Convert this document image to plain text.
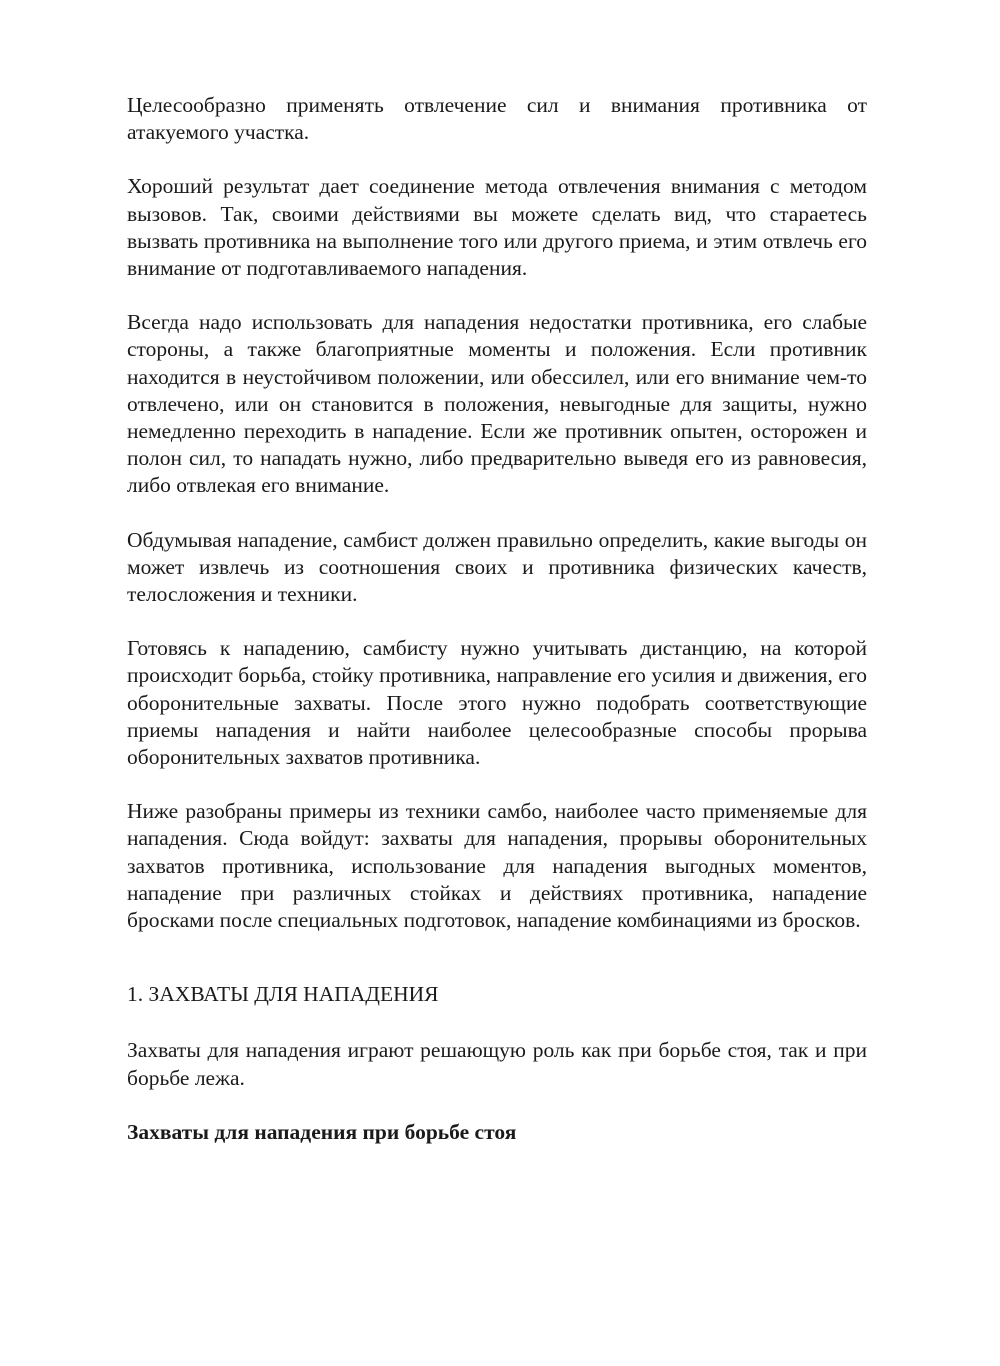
Целесообразно применять отвлечение сил и внимания противника от атакуемого участка.

Хороший результат дает соединение метода отвлечения внимания с методом вызовов. Так, своими действиями вы можете сделать вид, что стараетесь вызвать противника на выполнение того или другого приема, и этим отвлечь его внимание от подготавливаемого нападения.

Всегда надо использовать для нападения недостатки противника, его слабые стороны, а также благоприятные моменты и положения. Если противник находится в неустойчивом положении, или обессилел, или его внимание чем-то отвлечено, или он становится в положения, невыгодные для защиты, нужно немедленно переходить в нападение. Если же противник опытен, осторожен и полон сил, то нападать нужно, либо предварительно выведя его из равновесия, либо отвлекая его внимание.

Обдумывая нападение, самбист должен правильно определить, какие выгоды он может извлечь из соотношения своих и противника физических качеств, телосложения и техники.

Готовясь к нападению, самбисту нужно учитывать дистанцию, на которой происходит борьба, стойку противника, направление его усилия и движения, его оборонительные захваты. После этого нужно подобрать соответствующие приемы нападения и найти наиболее целесообразные способы прорыва оборонительных захватов противника.

Ниже разобраны примеры из техники самбо, наиболее часто применяемые для нападения. Сюда войдут: захваты для нападения, прорывы оборонительных захватов противника, использование для нападения выгодных моментов, нападение при различных стойках и действиях противника, нападение бросками после специальных подготовок, нападение комбинациями из бросков.

1. ЗАХВАТЫ ДЛЯ НАПАДЕНИЯ

Захваты для нападения играют решающую роль как при борьбе стоя, так и при борьбе лежа.

Захваты для нападения при борьбе стоя
